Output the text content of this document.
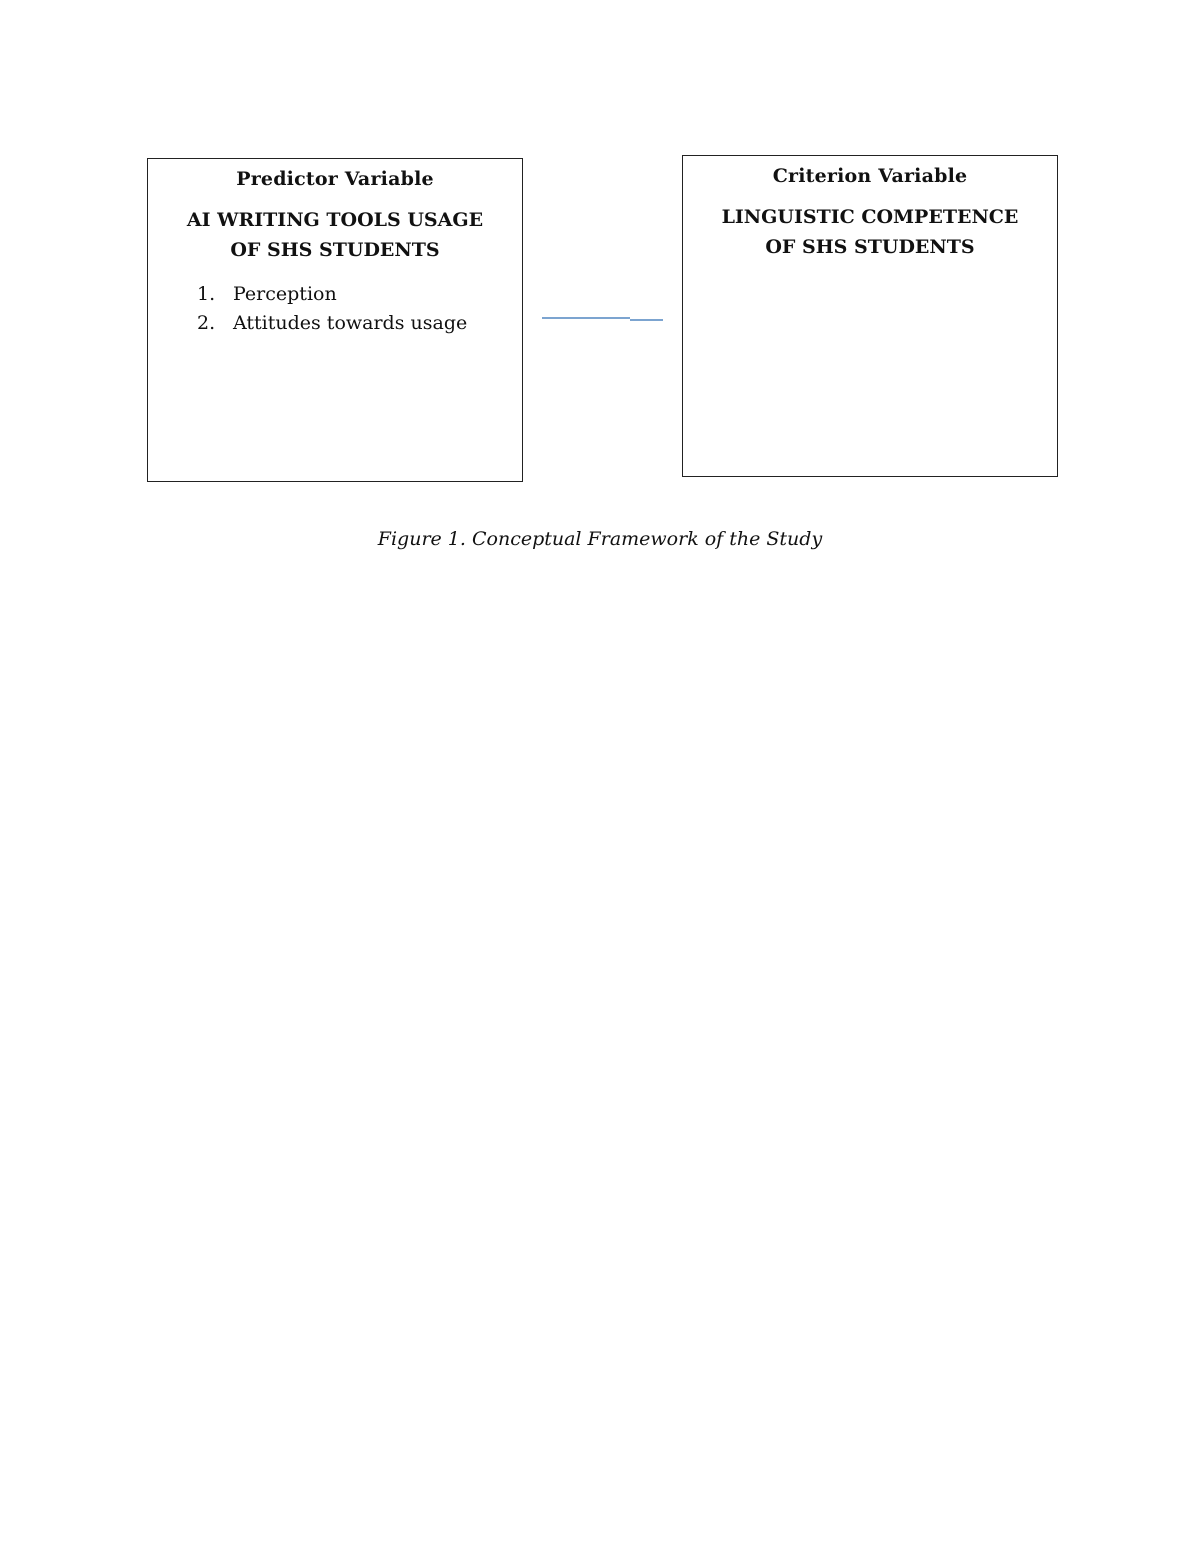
Predictor Variable
AI WRITING TOOLS USAGE
OF SHS STUDENTS
1. Perception
2. Attitudes towards usage
Criterion Variable
LINGUISTIC COMPETENCE
OF SHS STUDENTS
Figure 1. Conceptual Framework of the Study
